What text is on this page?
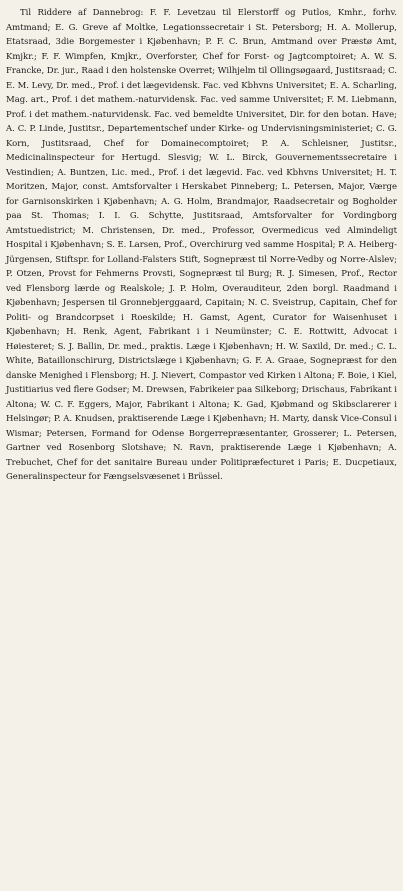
Til Riddere af Dannebrog: F. F. Levetzau til Elerstorff og Putlos, Kmhr., forhv. Amtmand; E. G. Greve af Moltke, Legationssecretair i St. Petersborg; H. A. Mollerup, Etatsraad, 3die Borgemester i Kjøbenhavn; P. F. C. Brun, Amtmand over Præstø Amt, Kmjkr.; F. F. Wimpfen, Kmjkr., Overforster, Chef for Forst- og Jagtcomptoiret; A. W. S. Francke, Dr. jur., Raad i den holstenske Overret; Wilhjelm til Ollingsøgaard, Justitsraad; C. E. M. Levy, Dr. med., Prof. i det lægevidensk. Fac. ved Kbhvns Universitet; E. A. Scharling, Mag. art., Prof. i det mathem.-naturvidensk. Fac. ved samme Universitet; F. M. Liebmann, Prof. i det mathem.-naturvidensk. Fac. ved bemeldte Universitet, Dir. for den botan. Have; A. C. P. Linde, Justitsr., Departementschef under Kirke- og Undervisningsministeriet; C. G. Korn, Justitsraad, Chef for Domainecomptoiret; P. A. Schleisner, Justitsr., Medicinalinspecteur for Hertugd. Slesvig; W. L. Birck, Gouvernementssecretaire i Vestindien; A. Buntzen, Lic. med., Prof. i det lægevid. Fac. ved Kbhvns Universitet; H. T. Moritzen, Major, const. Amtsforvalter i Herskabet Pinneberg; L. Petersen, Major, Værge for Garnisonskirken i Kjøbenhavn; A. G. Holm, Brandmajor, Raadsecretair og Bogholder paa St. Thomas; I. I. G. Schytte, Justitsraad, Amtsforvalter for Vordingborg Amtstuedistrict; M. Christensen, Dr. med., Professor, Overmedicus ved Almindeligt Hospital i Kjøbenhavn; S. E. Larsen, Prof., Overchirurg ved samme Hospital; P. A. Heiberg-Jürgensen, Stiftspr. for Lolland-Falsters Stift, Sognepræst til Norre-Vedby og Norre-Alslev; P. Otzen, Provst for Fehmerns Provsti, Sognepræst til Burg; R. J. Simesen, Prof., Rector ved Flensborg lærde og Realskole; J. P. Holm, Overauditeur, 2den borgl. Raadmand i Kjøbenhavn; Jespersen til Gronnebjerggaard, Capitain; N. C. Sveistrup, Capitain, Chef for Politi- og Brandcorpset i Roeskilde; H. Gamst, Agent, Curator for Waisenhuset i Kjøbenhavn; H. Renk, Agent, Fabrikant i i Neumünster; C. E. Rottwitt, Advocat i Høiesteret; S. J. Ballin, Dr. med., praktis. Læge i Kjøbenhavn; H. W. Saxild, Dr. med.; C. L. White, Bataillonschirurg, Districtslæge i Kjøbenhavn; G. F. A. Graae, Sognepræst for den danske Menighed i Flensborg; H. J. Nievert, Compastor ved Kirken i Altona; F. Boie, i Kiel, Justitiarius ved flere Godser; M. Drewsen, Fabrikeier paa Silkeborg; Drischaus, Fabrikant i Altona; W. C. F. Eggers, Major, Fabrikant i Altona; K. Gad, Kjøbmand og Skibsclarerer i Helsingør; P. A. Knudsen, praktiserende Læge i Kjøbenhavn; H. Marty, dansk Vice-Consul i Wismar; Petersen, Formand for Odense Borgerrepræsentanter, Grosserer; L. Petersen, Gartner ved Rosenborg Slotshave; N. Ravn, praktiserende Læge i Kjøbenhavn; A. Trebuchet, Chef for det sanitaire Bureau under Politipræfecturet i Paris; E. Ducpetiaux, Generalinspecteur for Fængselsvæsenet i Brüssel.
